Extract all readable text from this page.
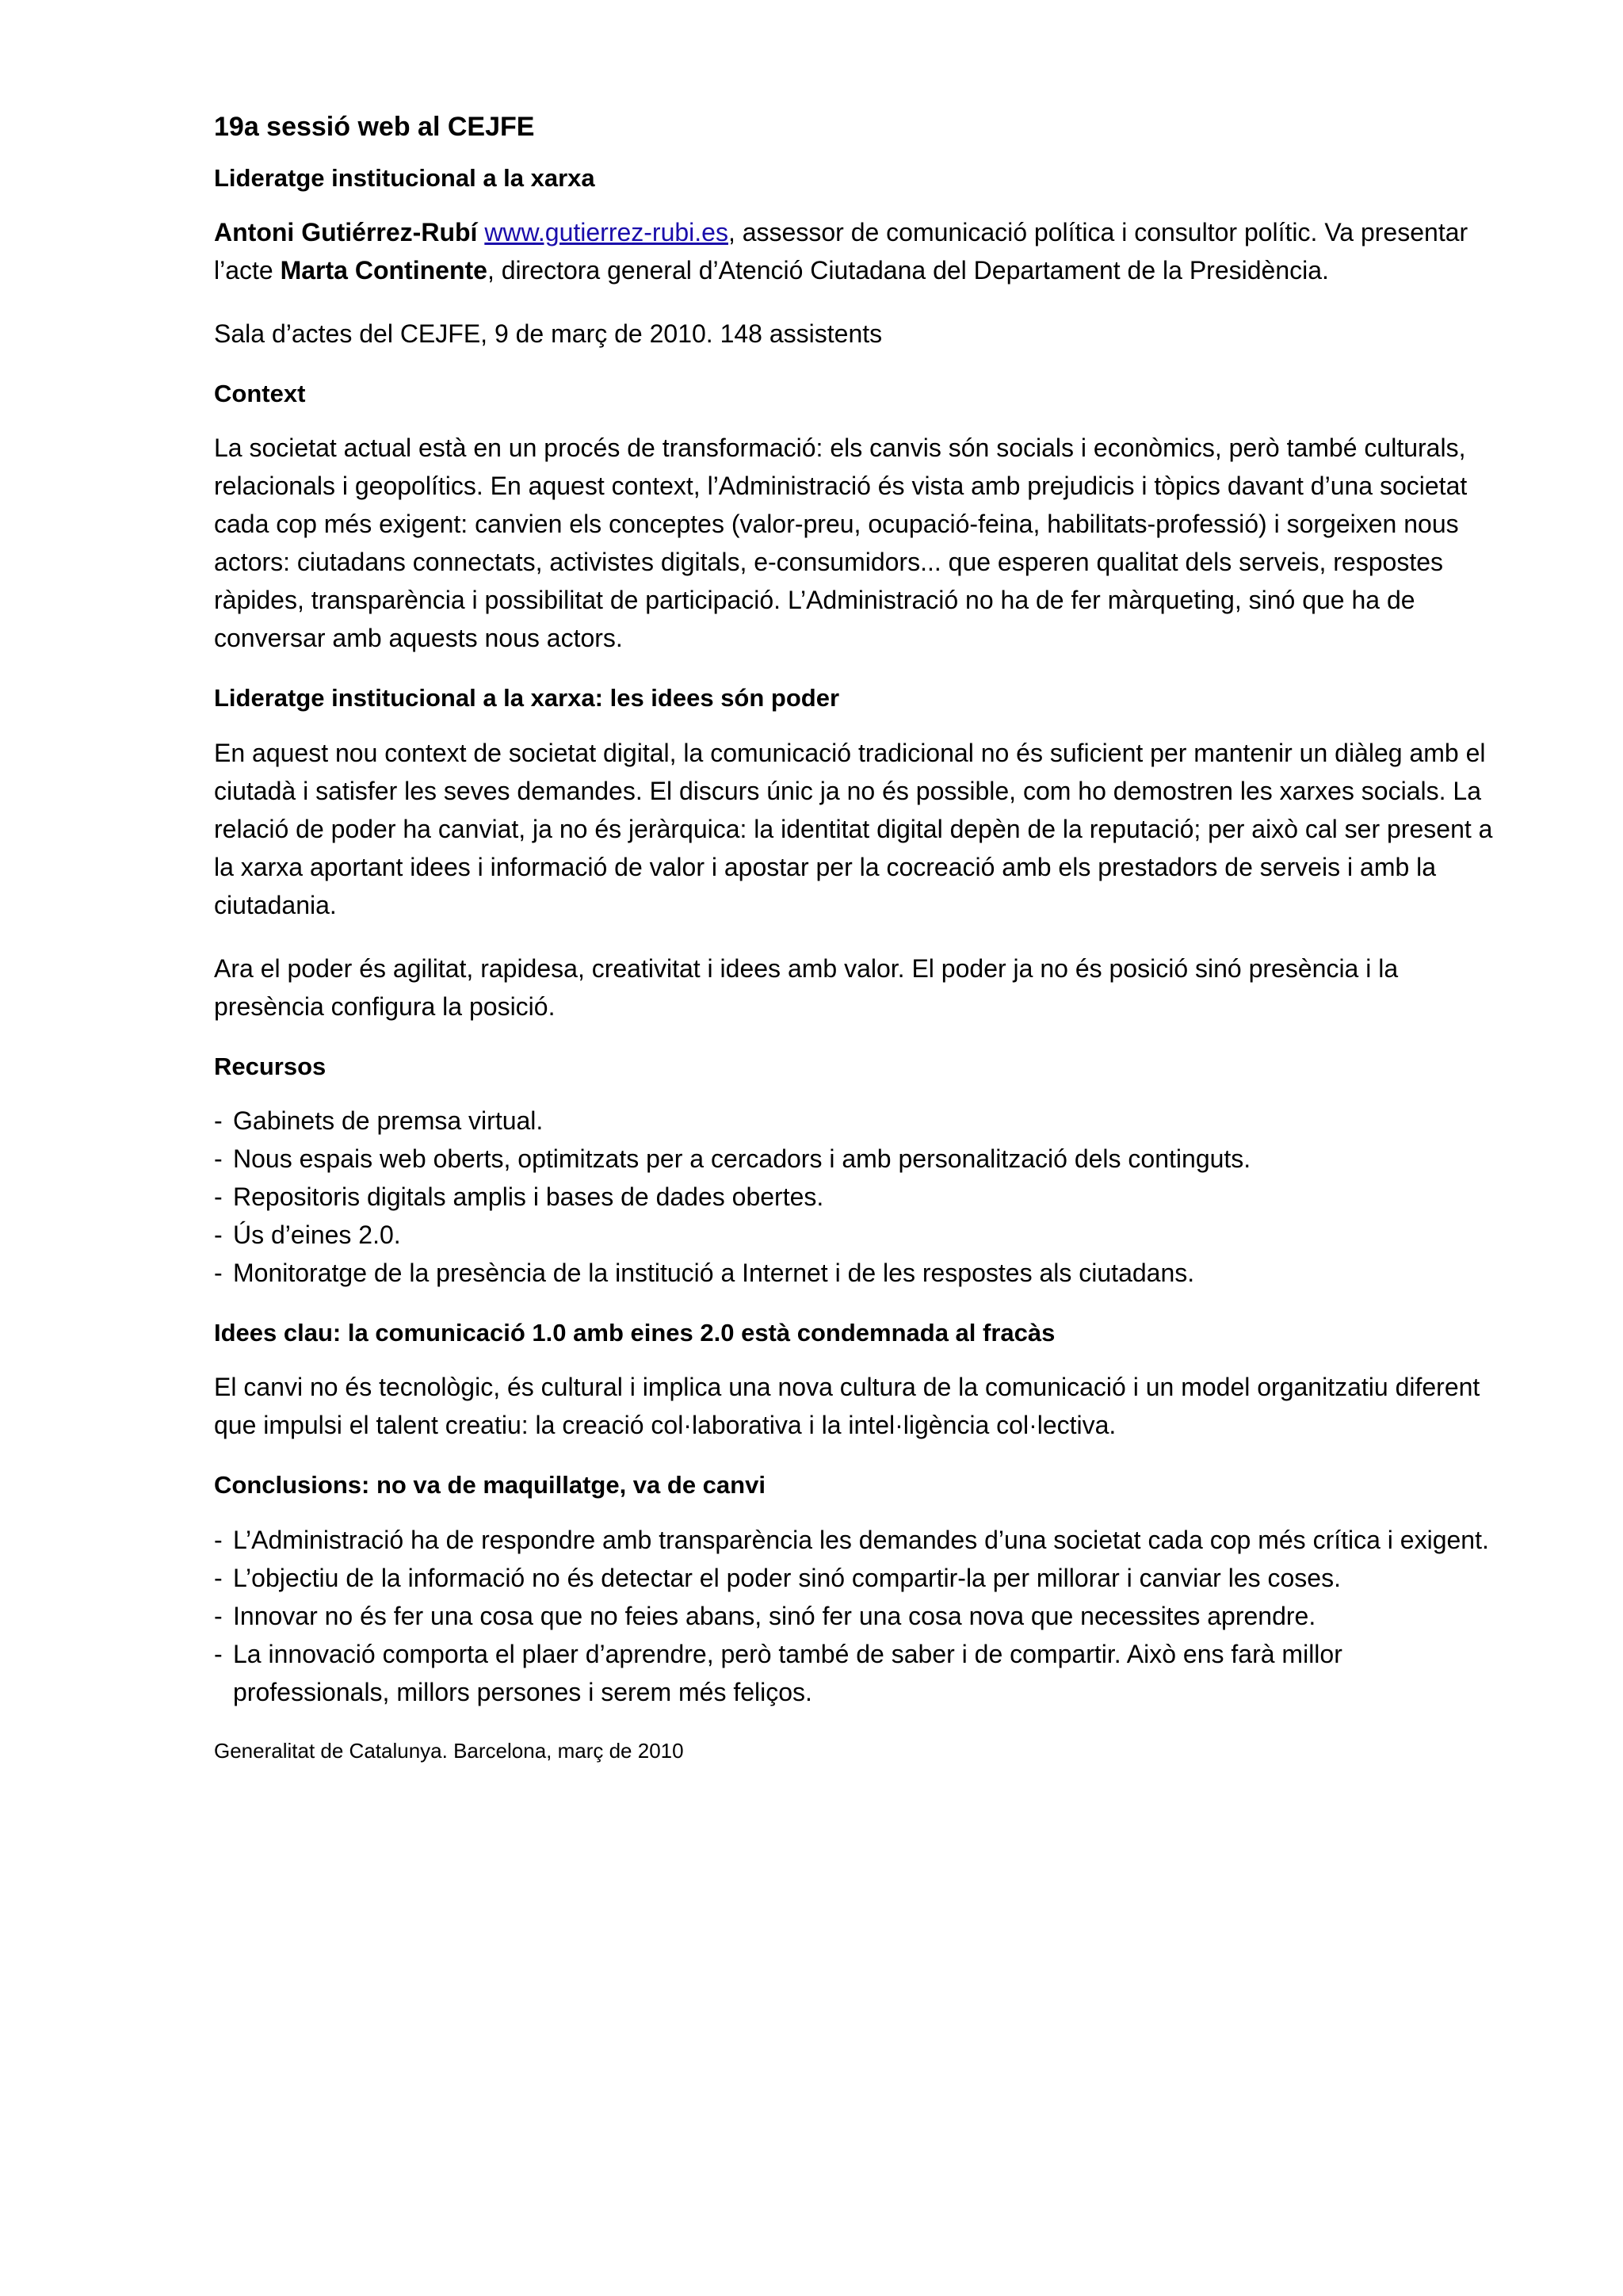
19a sessió web al CEJFE
Lideratge institucional a la xarxa

Antoni Gutiérrez-Rubí www.gutierrez-rubi.es, assessor de comunicació política i consultor polític. Va presentar l’acte Marta Continente, directora general d’Atenció Ciutadana del Departament de la Presidència.

Sala d’actes del CEJFE, 9 de març de 2010. 148 assistents

Context

La societat actual està en un procés de transformació: els canvis són socials i econòmics, però també culturals, relacionals i geopolítics. En aquest context, l’Administració és vista amb prejudicis i tòpics davant d’una societat cada cop més exigent: canvien els conceptes (valor-preu, ocupació-feina, habilitats-professió) i sorgeixen nous actors: ciutadans connectats, activistes digitals, e-consumidors... que esperen qualitat dels serveis, respostes ràpides, transparència i possibilitat de participació. L’Administració no ha de fer màrqueting, sinó que ha de conversar amb aquests nous actors.

Lideratge institucional a la xarxa: les idees són poder

En aquest nou context de societat digital, la comunicació tradicional no és suficient per mantenir un diàleg amb el ciutadà i satisfer les seves demandes. El discurs únic ja no és possible, com ho demostren les xarxes socials. La relació de poder ha canviat, ja no és jeràrquica: la identitat digital depèn de la reputació; per això cal ser present a la xarxa aportant idees i informació de valor i apostar per la cocreació amb els prestadors de serveis i amb la ciutadania.

Ara el poder és agilitat, rapidesa, creativitat i idees amb valor. El poder ja no és posició sinó presència i la presència configura la posició.

Recursos
- Gabinets de premsa virtual.
- Nous espais web oberts, optimitzats per a cercadors i amb personalització dels continguts.
- Repositoris digitals amplis i bases de dades obertes.
- Ús d’eines 2.0.
- Monitoratge de la presència de la institució a Internet i de les respostes als ciutadans.
Idees clau: la comunicació 1.0 amb eines 2.0 està condemnada al fracàs

El canvi no és tecnològic, és cultural i implica una nova cultura de la comunicació i un model organitzatiu diferent que impulsi el talent creatiu: la creació col·laborativa i la intel·ligència col·lectiva.

Conclusions: no va de maquillatge, va de canvi
- L’Administració ha de respondre amb transparència les demandes d’una societat cada cop més crítica i exigent.
- L’objectiu de la informació no és detectar el poder sinó compartir-la per millorar i canviar les coses.
- Innovar no és fer una cosa que no feies abans, sinó fer una cosa nova que necessites aprendre.
- La innovació comporta el plaer d’aprendre, però també de saber i de compartir. Això ens farà millor professionals, millors persones i serem més feliços.
Generalitat de Catalunya. Barcelona, març de 2010
